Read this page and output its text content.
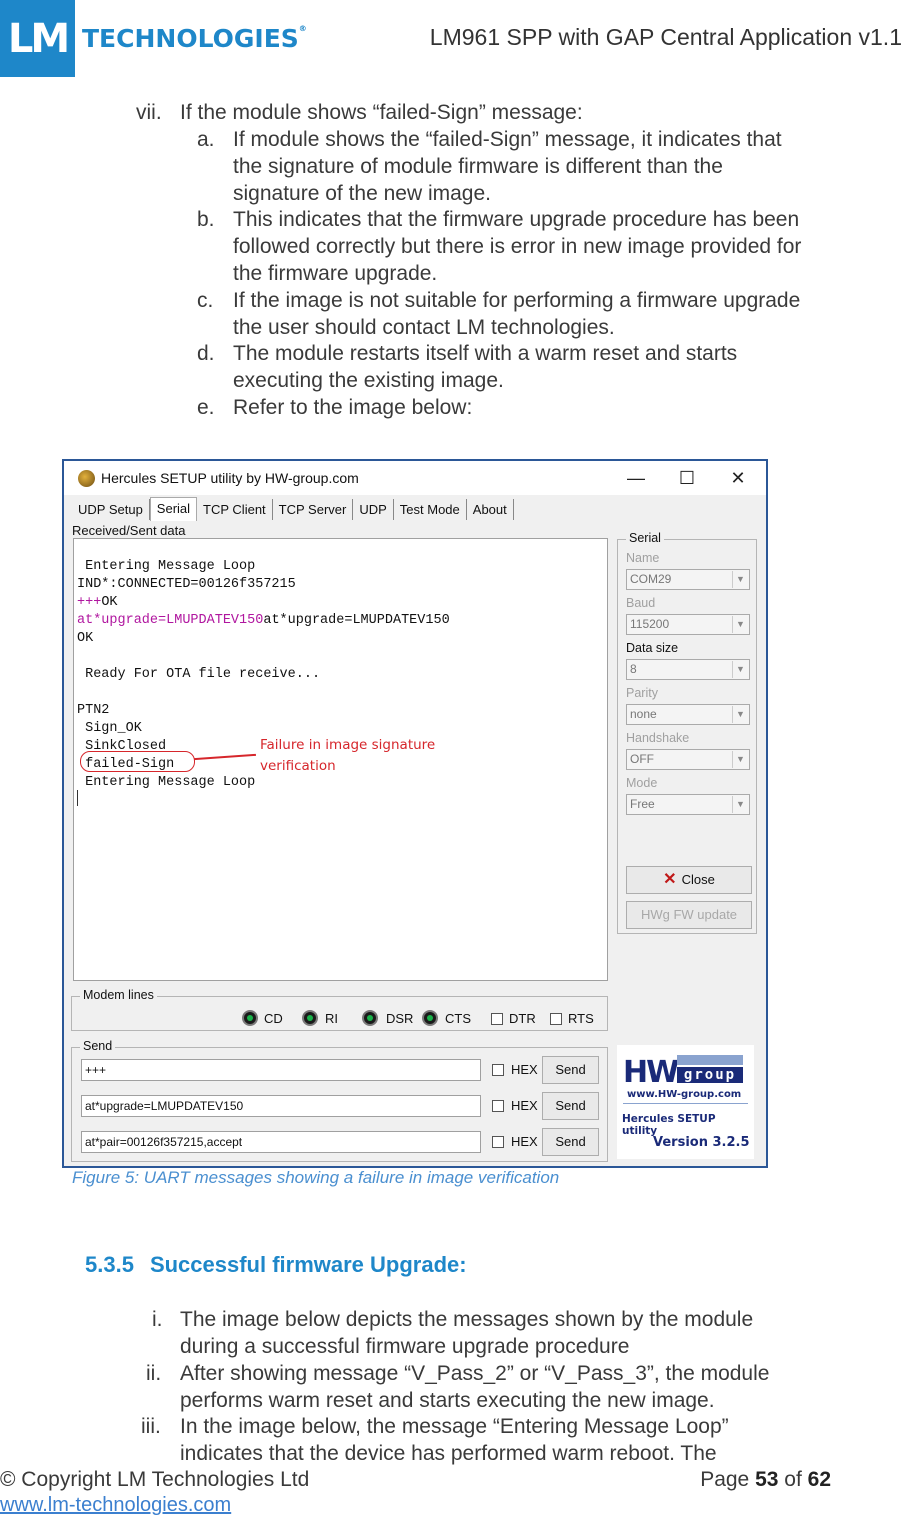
LM TECHNOLOGIES®	LM961 SPP with GAP Central Application v1.1
vii. If the module shows “failed-Sign” message:
a. If module shows the “failed-Sign” message, it indicates that
the signature of module firmware is different than the
signature of the new image.
b. This indicates that the firmware upgrade procedure has been
followed correctly but there is error in new image provided for
the firmware upgrade.
c. If the image is not suitable for performing a firmware upgrade
the user should contact LM technologies.
d. The module restarts itself with a warm reset and starts
executing the existing image.
e. Refer to the image below:
Hercules SETUP utility by HW-group.com	—	☐	✕
UDP Setup	Serial	TCP Client	TCP Server	UDP	Test Mode	About
Received/Sent data
Entering Message Loop
IND*:CONNECTED=00126f357215
+++OK
at*upgrade=LMUPDATEV150at*upgrade=LMUPDATEV150
OK
Ready For OTA file receive...
PTN2
Sign_OK
SinkClosed
failed-Sign
Entering Message Loop
Failure in image signature
verification
Serial
Name
COM29	▼
Baud
115200	▼
Data size
8	▼
Parity
none	▼
Handshake
OFF	▼
Mode
Free	▼
✕ Close
HWg FW update
Modem lines
CD	RI	DSR CTS	DTR RTS
Send
+++	HEX	Send
at*upgrade=LMUPDATEV150	HEX	Send
at*pair=00126f357215,accept	HEX	Send
HW group
www.HW-group.com
Hercules SETUP utility
Version 3.2.5
Figure 5: UART messages showing a failure in image verification
5.3.5 Successful firmware Upgrade:
i. The image below depicts the messages shown by the module
during a successful firmware upgrade procedure
ii. After showing message “V_Pass_2” or “V_Pass_3”, the module
performs warm reset and starts executing the new image.
iii. In the image below, the message “Entering Message Loop”
indicates that the device has performed warm reboot. The
© Copyright LM Technologies Ltd
www.lm-technologies.com
Page 53 of 62
